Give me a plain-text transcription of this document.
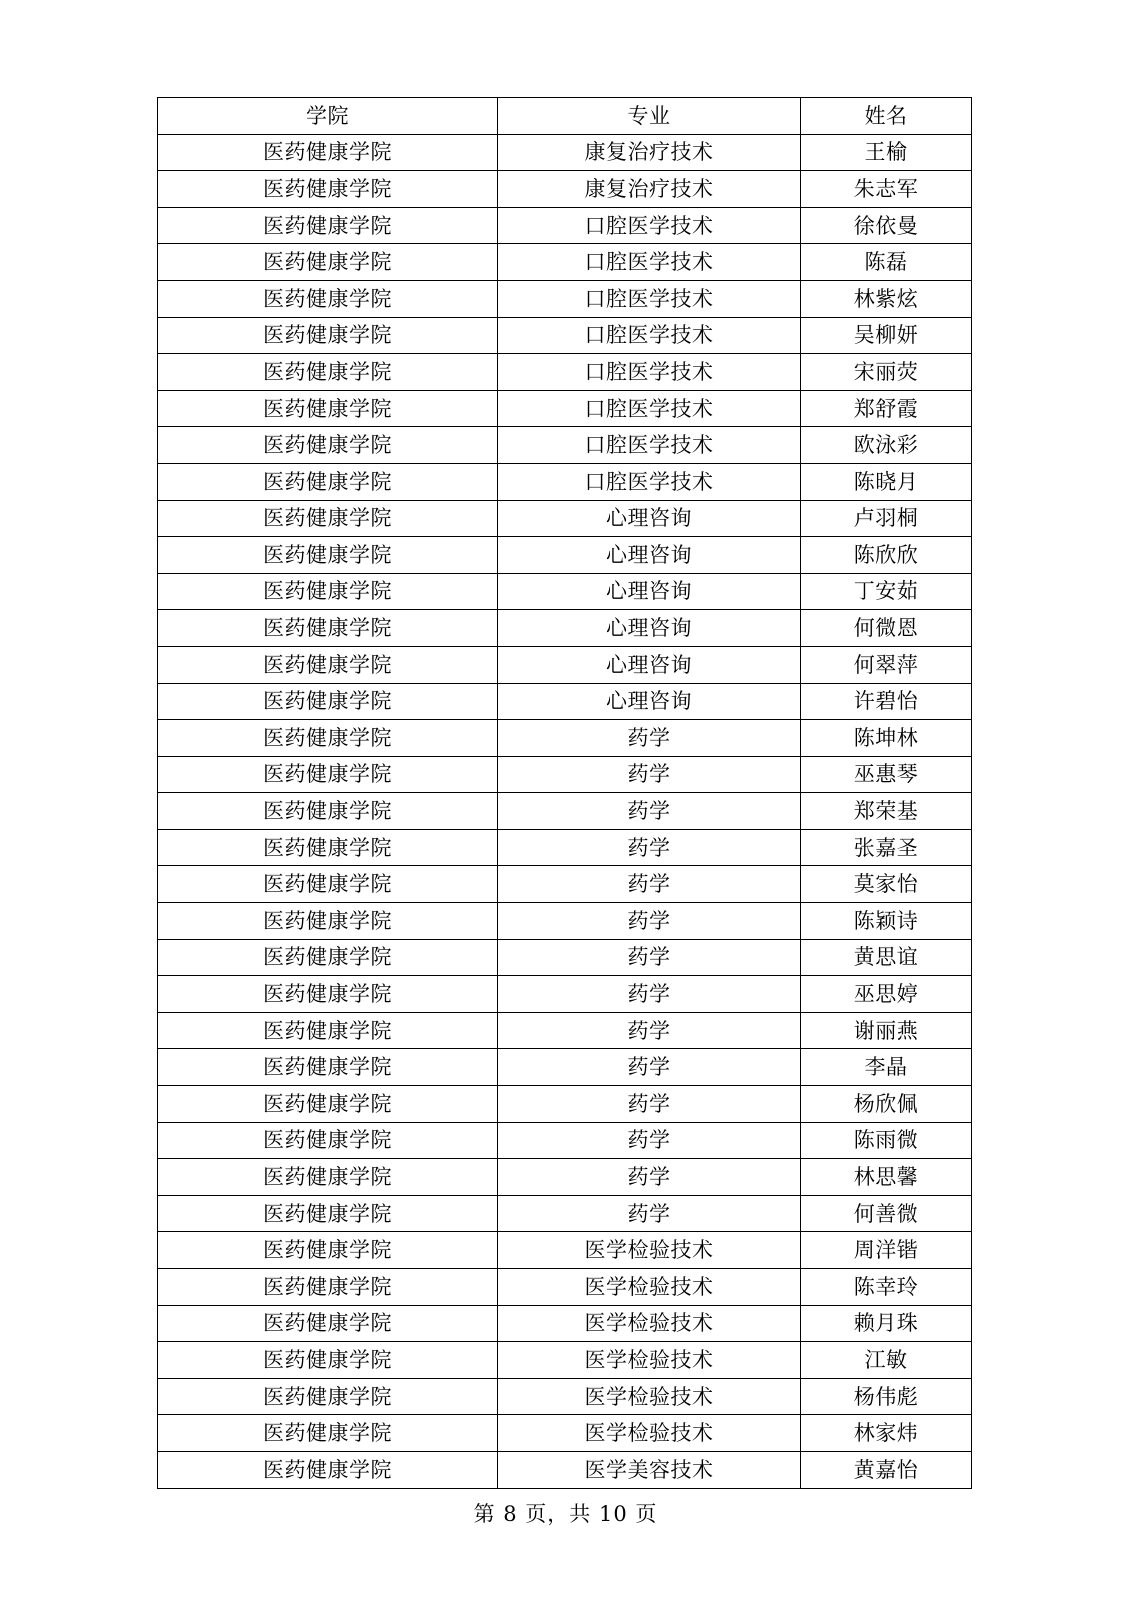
学院	专业	姓名
医药健康学院	康复治疗技术	王榆
医药健康学院	康复治疗技术	朱志军
医药健康学院	口腔医学技术	徐依曼
医药健康学院	口腔医学技术	陈磊
医药健康学院	口腔医学技术	林紫炫
医药健康学院	口腔医学技术	吴柳妍
医药健康学院	口腔医学技术	宋丽荧
医药健康学院	口腔医学技术	郑舒霞
医药健康学院	口腔医学技术	欧泳彩
医药健康学院	口腔医学技术	陈晓月
医药健康学院	心理咨询	卢羽桐
医药健康学院	心理咨询	陈欣欣
医药健康学院	心理咨询	丁安茹
医药健康学院	心理咨询	何微恩
医药健康学院	心理咨询	何翠萍
医药健康学院	心理咨询	许碧怡
医药健康学院	药学	陈坤林
医药健康学院	药学	巫惠琴
医药健康学院	药学	郑荣基
医药健康学院	药学	张嘉圣
医药健康学院	药学	莫家怡
医药健康学院	药学	陈颖诗
医药健康学院	药学	黄思谊
医药健康学院	药学	巫思婷
医药健康学院	药学	谢丽燕
医药健康学院	药学	李晶
医药健康学院	药学	杨欣佩
医药健康学院	药学	陈雨微
医药健康学院	药学	林思馨
医药健康学院	药学	何善微
医药健康学院	医学检验技术	周洋锴
医药健康学院	医学检验技术	陈幸玲
医药健康学院	医学检验技术	赖月珠
医药健康学院	医学检验技术	江敏
医药健康学院	医学检验技术	杨伟彪
医药健康学院	医学检验技术	林家炜
医药健康学院	医学美容技术	黄嘉怡
第 8 页，共 10 页
